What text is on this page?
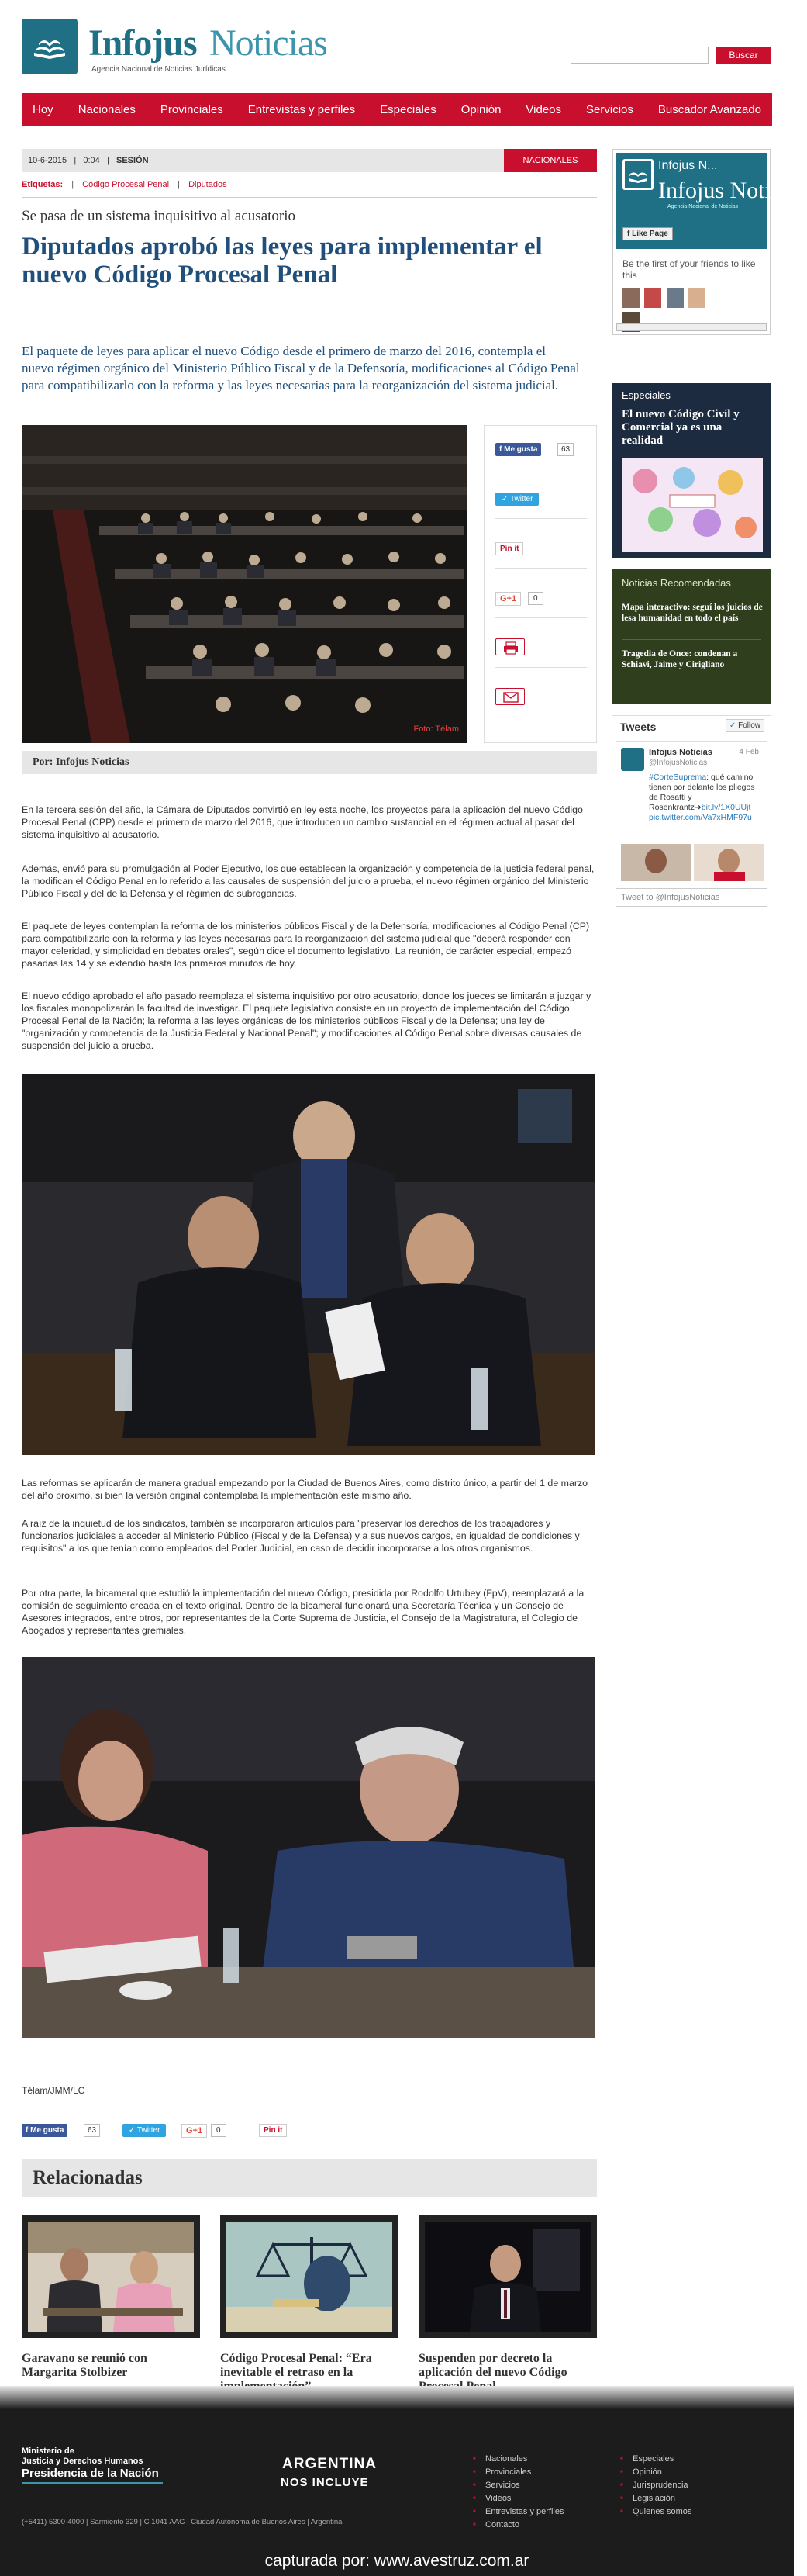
Infojus Noticias
Agencia Nacional de Noticias Jurídicas
Buscar
Hoy Nacionales Provinciales Entrevistas y perfiles Especiales Opinión Videos Servicios Buscador Avanzado
10-6-2015   |   0:04   |   SESIÓN	NACIONALES
Etiquetas: | Código Procesal Penal | Diputados
Se pasa de un sistema inquisitivo al acusatorio
Diputados aprobó las leyes para implementar el nuevo Código Procesal Penal

El paquete de leyes para aplicar el nuevo Código desde el primero de marzo del 2016, contempla el nuevo régimen orgánico del Ministerio Público Fiscal y de la Defensoría, modificaciones al Código Penal para compatibilizarlo con la reforma y las leyes necesarias para la reorganización del sistema judicial.

Foto: Télam
f Me gusta	63
✓ Twitter
Pin it
G+1	0
Por: Infojus Noticias

En la tercera sesión del año, la Cámara de Diputados convirtió en ley esta noche, los proyectos para la aplicación del nuevo Código Procesal Penal (CPP) desde el primero de marzo del 2016, que introducen un cambio sustancial en el régimen actual al pasar del sistema inquisitivo al acusatorio.

Además, envió para su promulgación al Poder Ejecutivo, los que establecen la organización y competencia de la justicia federal penal, la modifican el Código Penal en lo referido a las causales de suspensión del juicio a prueba, el nuevo régimen orgánico del Ministerio Público Fiscal y del de la Defensa y el régimen de subrogancias.

El paquete de leyes contemplan la reforma de los ministerios públicos Fiscal y de la Defensoría, modificaciones al Código Penal (CP) para compatibilizarlo con la reforma y las leyes necesarias para la reorganización del sistema judicial que "deberá responder con mayor celeridad, y simplicidad en debates orales", según dice el documento legislativo. La reunión, de carácter especial, empezó pasadas las 14 y se extendió hasta los primeros minutos de hoy.

El nuevo código aprobado el año pasado reemplaza el sistema inquisitivo por otro acusatorio, donde los jueces se limitarán a juzgar y los fiscales monopolizarán la facultad de investigar. El paquete legislativo consiste en un proyecto de implementación del Código Procesal Penal de la Nación; la reforma a las leyes orgánicas de los ministerios públicos Fiscal y de la Defensa; una ley de "organización y competencia de la Justicia Federal y Nacional Penal"; y modificaciones al Código Penal sobre diversas causales de suspensión del juicio a prueba.

Las reformas se aplicarán de manera gradual empezando por la Ciudad de Buenos Aires, como distrito único, a partir del 1 de marzo del año próximo, si bien la versión original contemplaba la implementación este mismo año.

A raíz de la inquietud de los sindicatos, también se incorporaron artículos para "preservar los derechos de los trabajadores y funcionarios judiciales a acceder al Ministerio Público (Fiscal y de la Defensa) y a sus nuevos cargos, en igualdad de condiciones y requisitos" a los que tenían como empleados del Poder Judicial, en caso de decidir incorporarse a los otros organismos.

Por otra parte, la bicameral que estudió la implementación del nuevo Código, presidida por Rodolfo Urtubey (FpV), reemplazará a la comisión de seguimiento creada en el texto original. Dentro de la bicameral funcionará una Secretaría Técnica y un Consejo de Asesores integrados, entre otros, por representantes de la Corte Suprema de Justicia, el Consejo de la Magistratura, el Colegio de Abogados y representantes gremiales.

Télam/JMM/LC
f Me gusta	63	✓ Twitter	G+1	0	Pin it
Relacionadas
Garavano se reunió con Margarita Stolbizer
Código Procesal Penal: “Era inevitable el retraso en la
Suspenden por decreto la aplicación del nuevo Código
Infojus N...
Infojus Noticias
Agencia Nacional de Noticias
f Like Page
Be the first of your friends to like this

Especiales
El nuevo Código Civil y Comercial ya es una realidad
Noticias Recomendadas
Mapa interactivo: seguí los juicios de lesa humanidad en todo el país
Tragedia de Once: condenan a Schiavi, Jaime y Cirigliano
Tweets	✓ Follow
Infojus Noticias
@InfojusNoticias
4 Feb
#CorteSuprema: qué camino tienen por delante los pliegos de Rosatti y Rosenkrantz➔bit.ly/1X0UUjt
pic.twitter.com/Va7xHMF97u
Tweet to @InfojusNoticias
Ministerio de
Justicia y Derechos Humanos
Presidencia de la Nación
(+5411) 5300-4000 | Sarmiento 329 | C 1041 AAG | Ciudad Autónoma de Buenos Aires | Argentina
ARGENTINA
NOS INCLUYE
■ Nacionales
■ Provinciales
■ Servicios
■ Videos
■ Entrevistas y perfiles
■ Contacto
■ Especiales
■ Opinión
■ Jurisprudencia
■ Legislación
■ Quienes somos
capturada por: www.avestruz.com.ar
